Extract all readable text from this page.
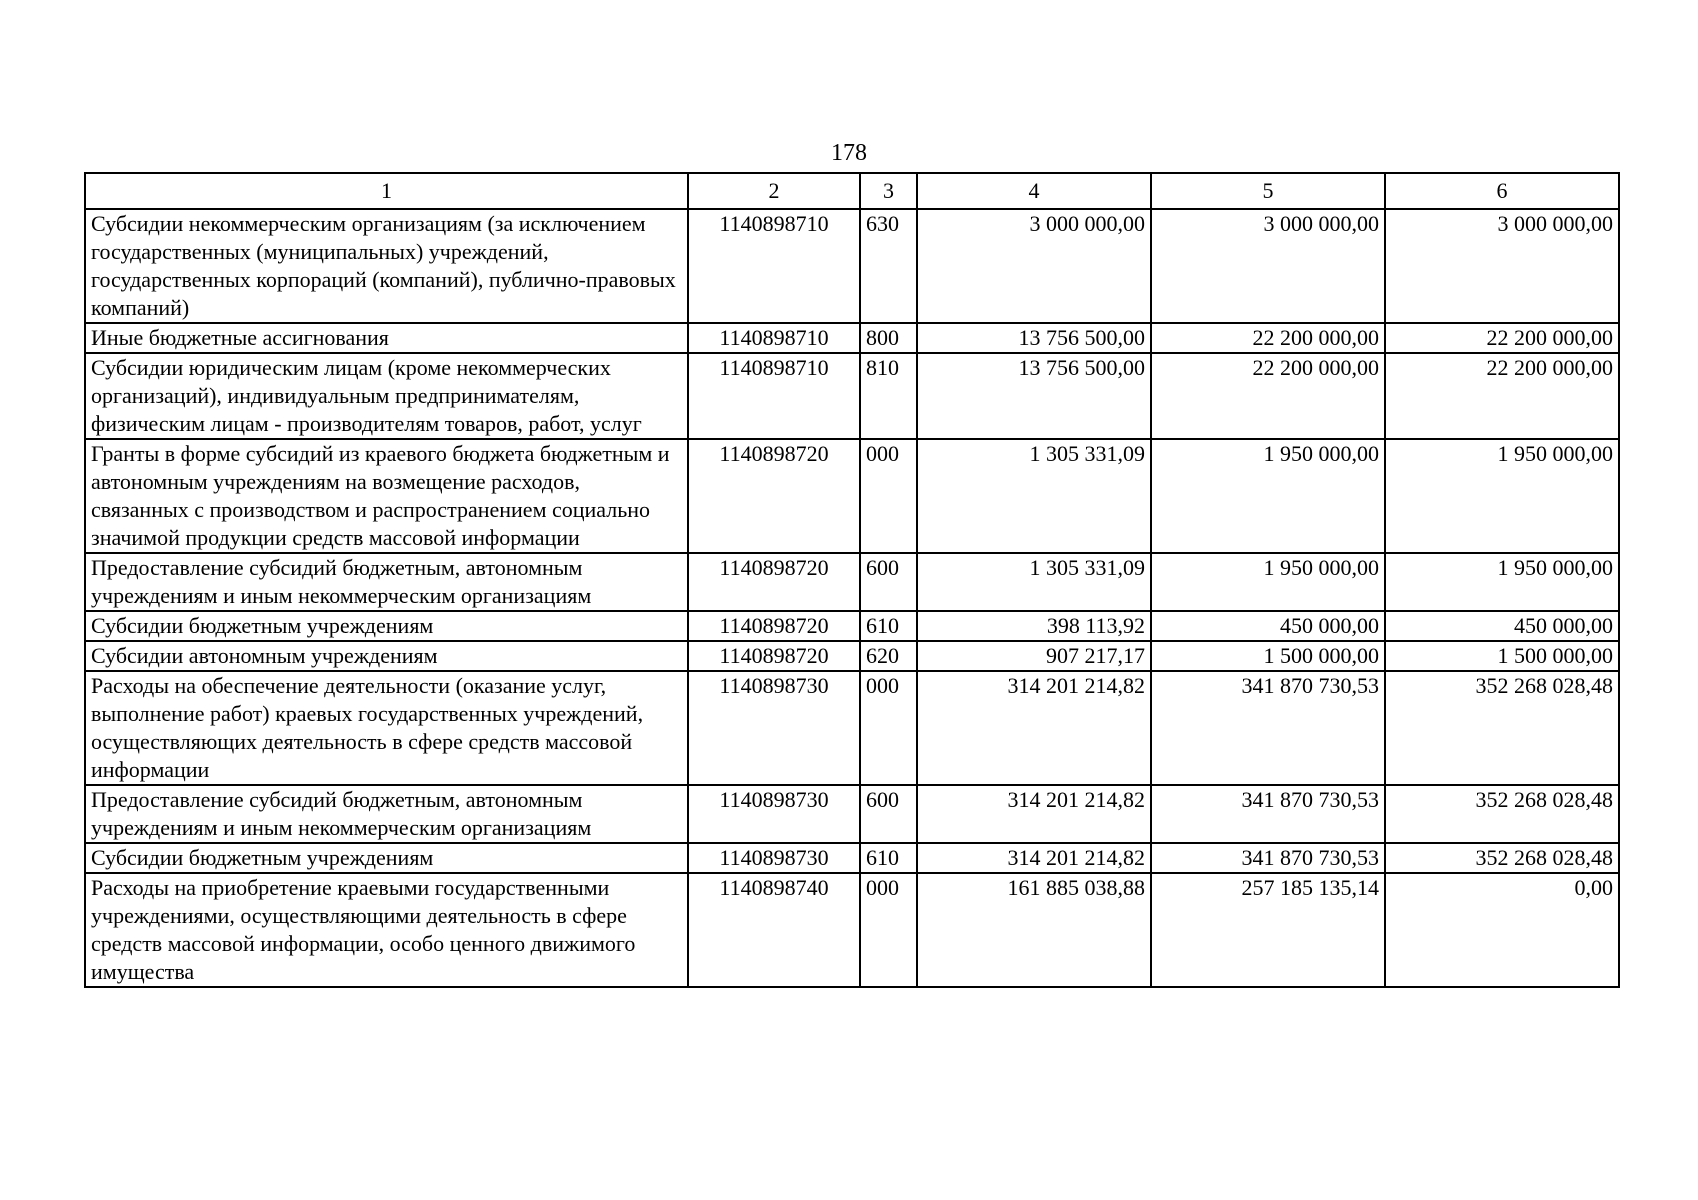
178
1	2	3	4	5	6
Субсидии некоммерческим организациям (за исключением государственных (муниципальных) учреждений, государственных корпораций (компаний), публично-правовых компаний)	1140898710	630	3 000 000,00	3 000 000,00	3 000 000,00
Иные бюджетные ассигнования	1140898710	800	13 756 500,00	22 200 000,00	22 200 000,00
Субсидии юридическим лицам (кроме некоммерческих организаций), индивидуальным предпринимателям, физическим лицам - производителям товаров, работ, услуг	1140898710	810	13 756 500,00	22 200 000,00	22 200 000,00
Гранты в форме субсидий из краевого бюджета бюджетным и автономным учреждениям на возмещение расходов, связанных с производством и распространением социально значимой продукции средств массовой информации	1140898720	000	1 305 331,09	1 950 000,00	1 950 000,00
Предоставление субсидий бюджетным, автономным учреждениям и иным некоммерческим организациям	1140898720	600	1 305 331,09	1 950 000,00	1 950 000,00
Субсидии бюджетным учреждениям	1140898720	610	398 113,92	450 000,00	450 000,00
Субсидии автономным учреждениям	1140898720	620	907 217,17	1 500 000,00	1 500 000,00
Расходы на обеспечение деятельности (оказание услуг, выполнение работ) краевых государственных учреждений, осуществляющих деятельность в сфере средств массовой информации	1140898730	000	314 201 214,82	341 870 730,53	352 268 028,48
Предоставление субсидий бюджетным, автономным учреждениям и иным некоммерческим организациям	1140898730	600	314 201 214,82	341 870 730,53	352 268 028,48
Субсидии бюджетным учреждениям	1140898730	610	314 201 214,82	341 870 730,53	352 268 028,48
Расходы на приобретение краевыми государственными учреждениями, осуществляющими деятельность в сфере средств массовой информации, особо ценного движимого имущества	1140898740	000	161 885 038,88	257 185 135,14	0,00
